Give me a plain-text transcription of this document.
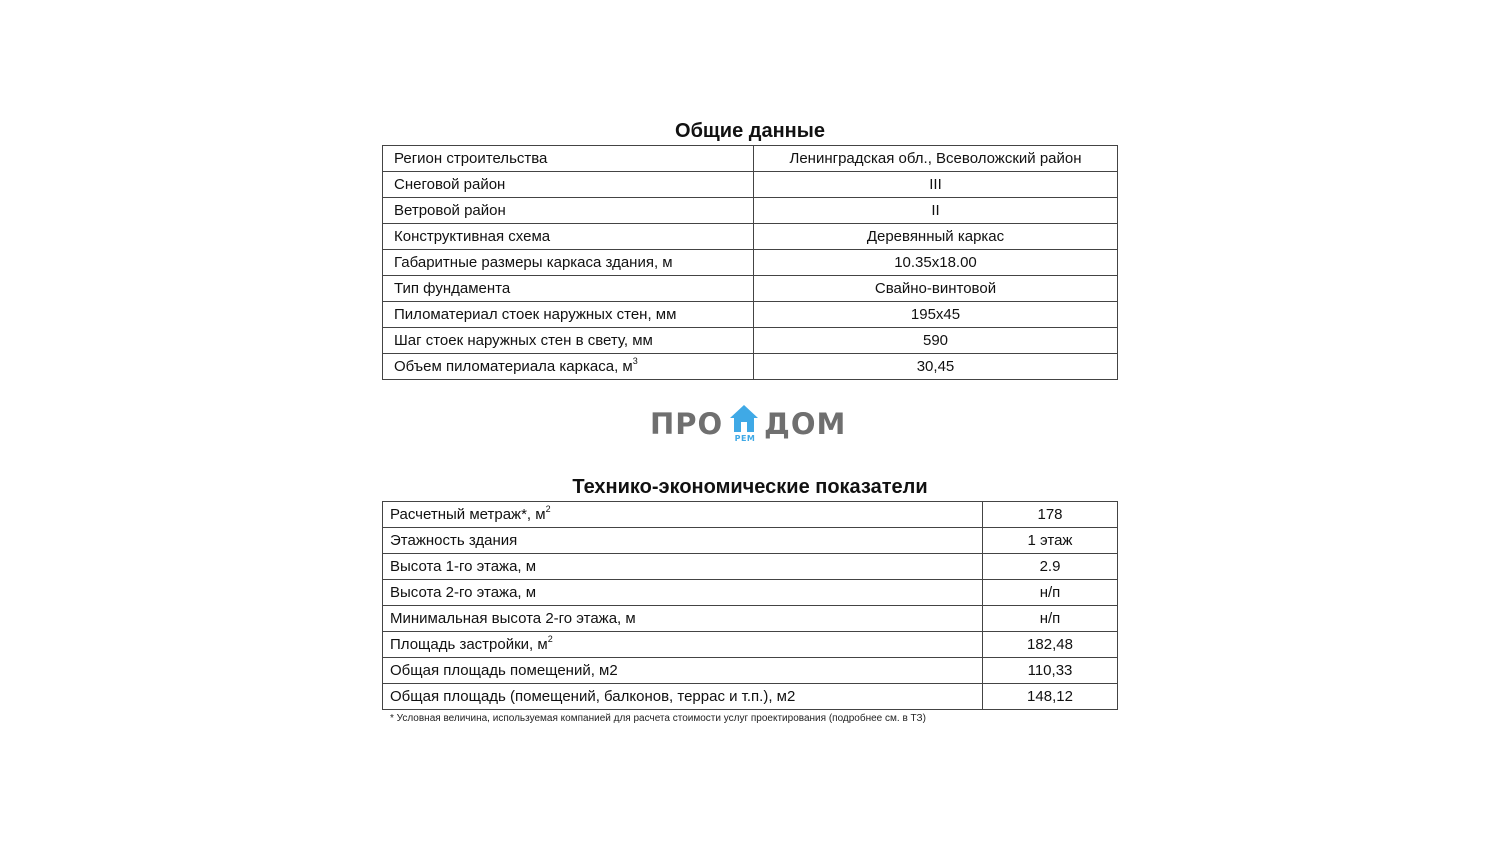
Общие данные
Регион строительства	Ленинградская обл., Всеволожский район
Снеговой район	III
Ветровой район	II
Конструктивная схема	Деревянный каркас
Габаритные размеры каркаса здания, м	10.35x18.00
Тип фундамента	Свайно-винтовой
Пиломатериал стоек наружных стен, мм	195х45
Шаг стоек наружных стен в свету, мм	590
Объем пиломатериала каркаса, $м^3$	30,45
ПРО	РЕМ ДОМ
Технико-экономические показатели
Расчетный метраж*, $м^2$	178
Этажность здания	1 этаж
Высота 1-го этажа, м	2.9
Высота 2-го этажа, м	н/п
Минимальная высота 2-го этажа, м	н/п
Площадь застройки, $м^2$	182,48
Общая площадь помещений, м2	110,33
Общая площадь (помещений, балконов, террас и т.п.), м2	148,12
* Условная величина, используемая компанией для расчета стоимости услуг проектирования (подробнее см. в ТЗ)
